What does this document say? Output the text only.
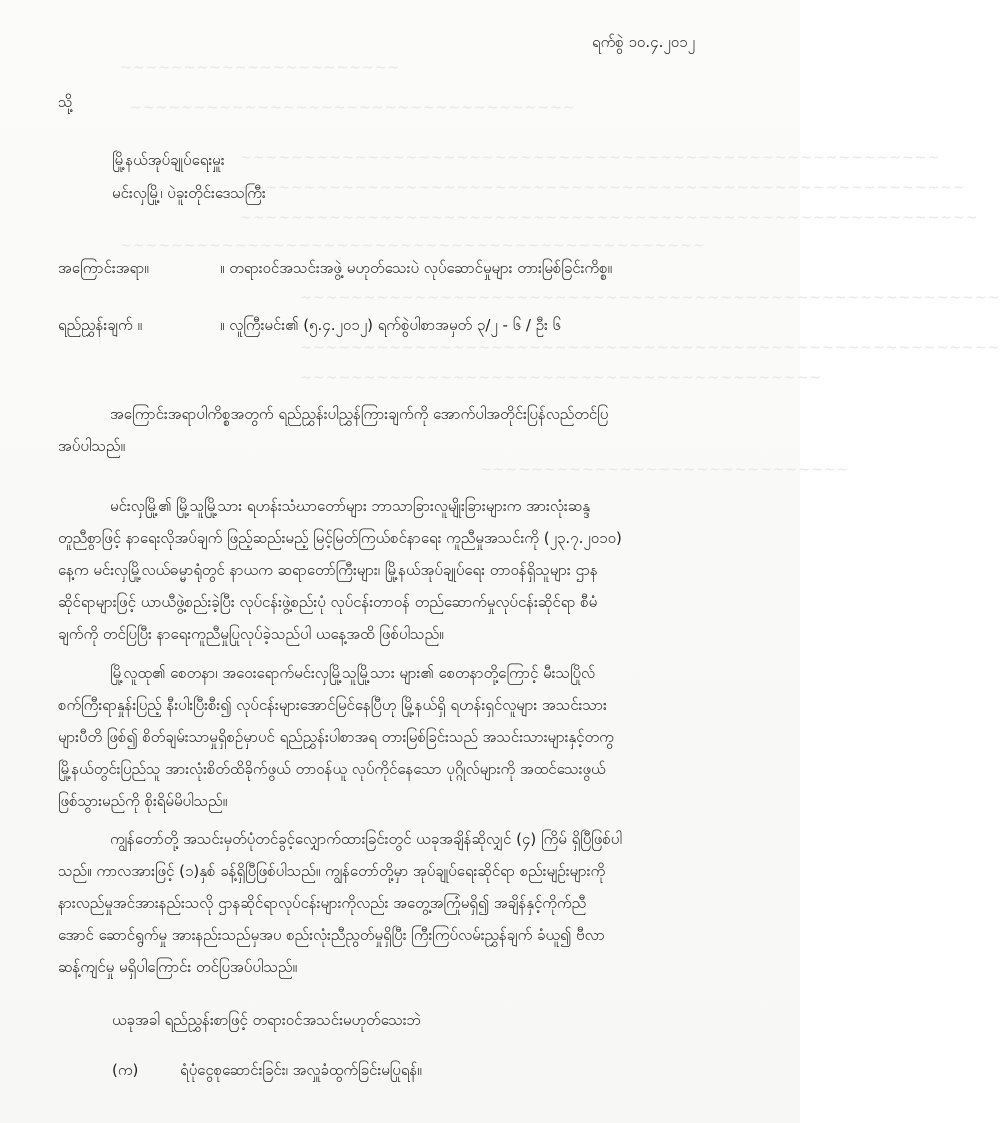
~~~~~~~~~~~~~~~~~~~~~~
~~~~~~~~~~~~~~~~~~~~~~~~~~~~~~~~~~~
~~~~~~~~~~~~~~~~~~~~~~~~~~~~~~~~~~~~~~~~~~~~~~~~~~~~~~~
~~~~~~~~~~~~~~~~~~~~~~~~~~~~~~~~~~~~~~~~~~~~~~~~~~~~~~~~~
~~~~~~~~~~~~~~~~~~~~~~~~~~~~~~~~~~~~~~~~~~~~~~~~~~~~~~~~~~
~~~~~~~~~~~~~~~~~~~~~~~~~~~~~~~~~~~~~~~~~~~~~~
~~~~~~~~~~~~~~~~~~~~~~~~~~~~~~~~~~~~~~~~~~~~~~~~~~~~~~~
~~~~~~~~~~~~~~~~~~~~~~~~~~~~~~~~~~~~~~~~~~~~~~~~~~~~~~~
~~~~~~~~~~~~~~~~~~~~~~~~~~~~~~~~~~~~~~~~~
~~~~~~~~~~~~~~~~~~~~~~~~~~~~~
ရက်စွဲ ၁၀.၄.၂၀၁၂
သို့
မြို့နယ်အုပ်ချုပ်ရေးမှူး
မင်းလှမြို့၊ ပဲခူးတိုင်းဒေသကြီး
အကြောင်းအရာ။	။ တရားဝင်အသင်းအဖွဲ့ မဟုတ်သေးပဲ လုပ်ဆောင်မှုများ တားမြစ်ခြင်းကိစ္စ။
ရည်ညွှန်းချက် ။	။ လူကြီးမင်း၏ (၅.၄.၂၀၁၂) ရက်စွဲပါစာအမှတ် ၃/၂ - ၆ / ဦး ၆
အကြောင်းအရာပါကိစ္စအတွက် ရည်ညွှန်းပါညွှန်ကြားချက်ကို အောက်ပါအတိုင်းပြန်လည်တင်ပြ
အပ်ပါသည်။
မင်းလှမြို့၏ မြို့သူမြို့သား ရဟန်းသံဃာတော်များ ဘာသာခြားလူမျိုးခြားများက အားလုံးဆန္ဒ
တူညီစွာဖြင့် နာရေးလိုအပ်ချက် ဖြည့်ဆည်းမည့် မြင့်မြတ်ကြယ်စင်နာရေး ကူညီမှုအသင်းကို (၂၃.၇.၂၀၁၀)
နေ့က မင်းလှမြို့လယ်ဓမ္မာရုံတွင် နာယက ဆရာတော်ကြီးများ၊ မြို့နယ်အုပ်ချုပ်ရေး တာဝန်ရှိသူများ ဌာန
ဆိုင်ရာများဖြင့် ယာယီဖွဲ့စည်းခဲ့ပြီး လုပ်ငန်းဖွဲ့စည်းပုံ လုပ်ငန်းတာဝန် တည်ဆောက်မှုလုပ်ငန်းဆိုင်ရာ စီမံ
ချက်ကို တင်ပြပြီး နာရေးကူညီမှုပြုလုပ်ခဲ့သည်ပါ ယနေ့အထိ ဖြစ်ပါသည်။
မြို့လူထု၏ စေတနာ၊ အဝေးရောက်မင်းလှမြို့သူမြို့သား များ၏ စေတနာတို့ကြောင့် မီးသပြိုလ်
စက်ကြီးရာနှုန်းပြည့် နီးပါးပြီးစီး၍ လုပ်ငန်းများအောင်မြင်နေပြီဟု မြို့နယ်ရှိ ရဟန်းရှင်လူများ အသင်းသား
များပီတိ ဖြစ်၍ စိတ်ချမ်းသာမှုရှိစဉ်မှာပင် ရည်ညွှန်းပါစာအရ တားမြစ်ခြင်းသည် အသင်းသားများနှင့်တကွ
မြို့နယ်တွင်းပြည်သူ အားလုံးစိတ်ထိခိုက်ဖွယ် တာဝန်ယူ လုပ်ကိုင်နေသော ပုဂ္ဂိုလ်များကို အထင်သေးဖွယ်
ဖြစ်သွားမည်ကို စိုးရိမ်မိပါသည်။
ကျွန်တော်တို့ အသင်းမှတ်ပုံတင်ခွင့်လျှောက်ထားခြင်းတွင် ယခုအချိန်ဆိုလျှင် (၄) ကြိမ် ရှိပြီဖြစ်ပါ
သည်။ ကာလအားဖြင့် (၁)နှစ် ခန့်ရှိပြီဖြစ်ပါသည်။ ကျွန်တော်တို့မှာ အုပ်ချုပ်ရေးဆိုင်ရာ စည်းမျဉ်းများကို
နားလည်မှုအင်အားနည်းသလို ဌာနဆိုင်ရာလုပ်ငန်းများကိုလည်း အတွေ့အကြုံမရှိ၍ အချိန်နှင့်ကိုက်ညီ
အောင် ဆောင်ရွက်မှု အားနည်းသည်မှအပ စည်းလုံးညီညွတ်မှုရှိပြီး ကြီးကြပ်လမ်းညွှန်ချက် ခံယူ၍ ဗီလာ
ဆန့်ကျင်မှု မရှိပါကြောင်း တင်ပြအပ်ပါသည်။
ယခုအခါ ရည်ညွှန်းစာဖြင့် တရားဝင်အသင်းမဟုတ်သေးဘဲ
(က)	ရံပုံငွေစုဆောင်းခြင်း၊ အလှူခံထွက်ခြင်းမပြုရန်။
